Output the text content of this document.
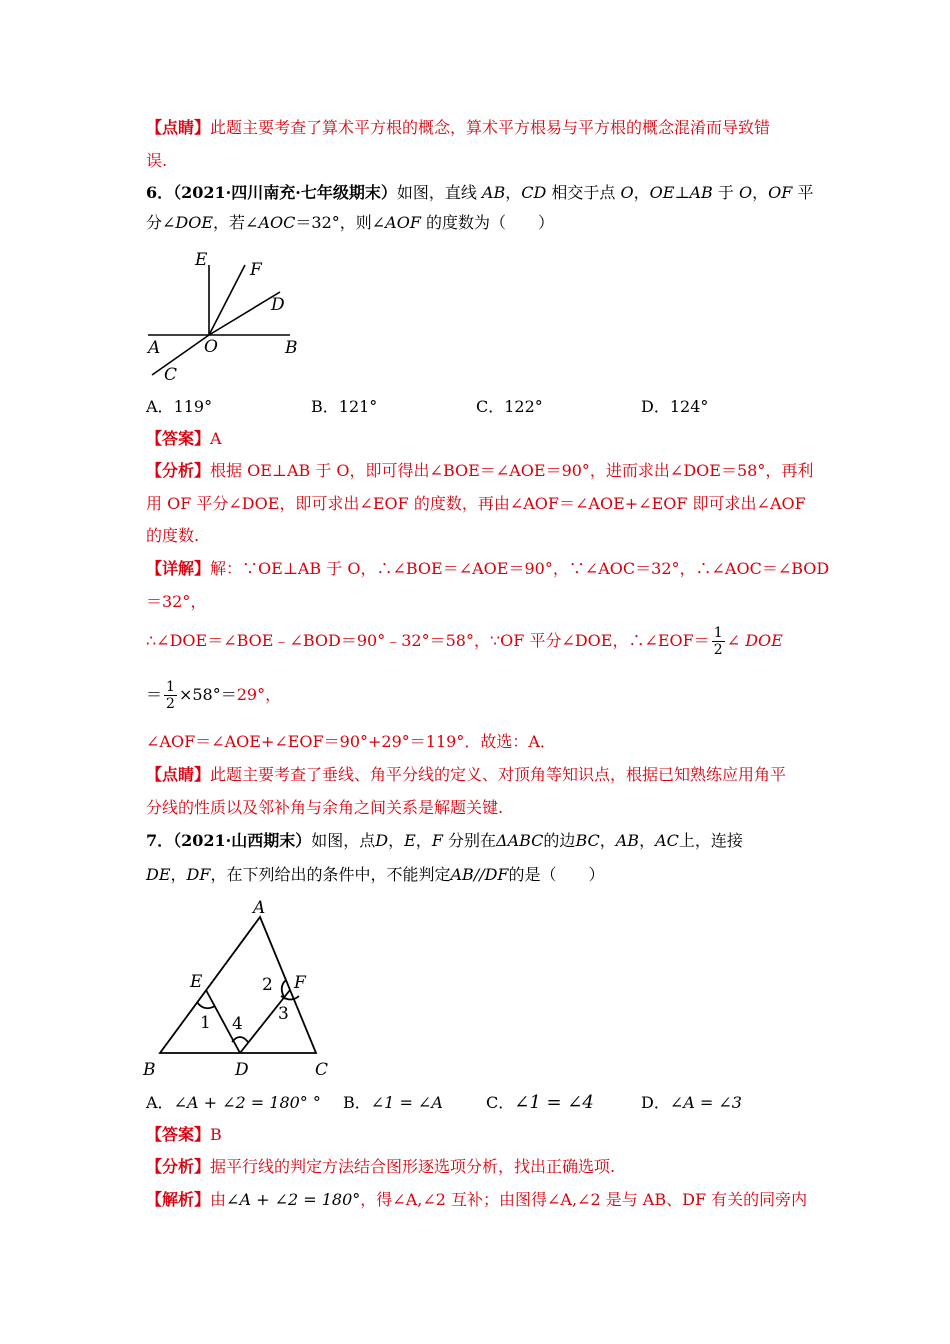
【点睛】此题主要考查了算术平方根的概念，算术平方根易与平方根的概念混淆而导致错
误.
6．（2021·四川南充·七年级期末）如图，直线 AB，CD 相交于点 O，OE⊥AB 于 O，OF 平
分∠DOE，若∠AOC＝32°，则∠AOF 的度数为（　　）
E	F
D
A	O	B
C
A．119°	B．121°	C．122°	D．124°
【答案】A
【分析】根据 OE⊥AB 于 O，即可得出∠BOE＝∠AOE＝90°，进而求出∠DOE＝58°，再利
用 OF 平分∠DOE，即可求出∠EOF 的度数，再由∠AOF＝∠AOE+∠EOF 即可求出∠AOF
的度数.
【详解】解：∵OE⊥AB 于 O，∴∠BOE＝∠AOE＝90°，∵∠AOC＝32°，∴∠AOC＝∠BOD
＝32°，
∴∠DOE＝∠BOE﹣∠BOD＝90°﹣32°＝58°，∵OF 平分∠DOE，∴∠EOF＝ $\frac{1}{2}$ ∠ DOE
＝ $\frac{1}{2} \times 58^\circ=29^\circ$，
∠AOF＝∠AOE+∠EOF＝90°+29°＝119°．故选：A．
【点睛】此题主要考查了垂线、角平分线的定义、对顶角等知识点，根据已知熟练应用角平
分线的性质以及邻补角与余角之间关系是解题关键.
7．（2021·山西期末）如图，点D，E，F 分别在ΔABC的边BC，AB，AC上，连接
DE，DF，在下列给出的条件中，不能判定AB//DF的是（　　）
A
E	F
B	D	C
1
2
3
4
A．∠A + ∠2 = 180° ° B．∠1 = ∠A	C．∠1 = ∠4	D．∠A = ∠3
【答案】B
【分析】据平行线的判定方法结合图形逐选项分析，找出正确选项.
【解析】由∠A + ∠2 = 180°，得∠A,∠2 互补；由图得∠A,∠2 是与 AB、DF 有关的同旁内
